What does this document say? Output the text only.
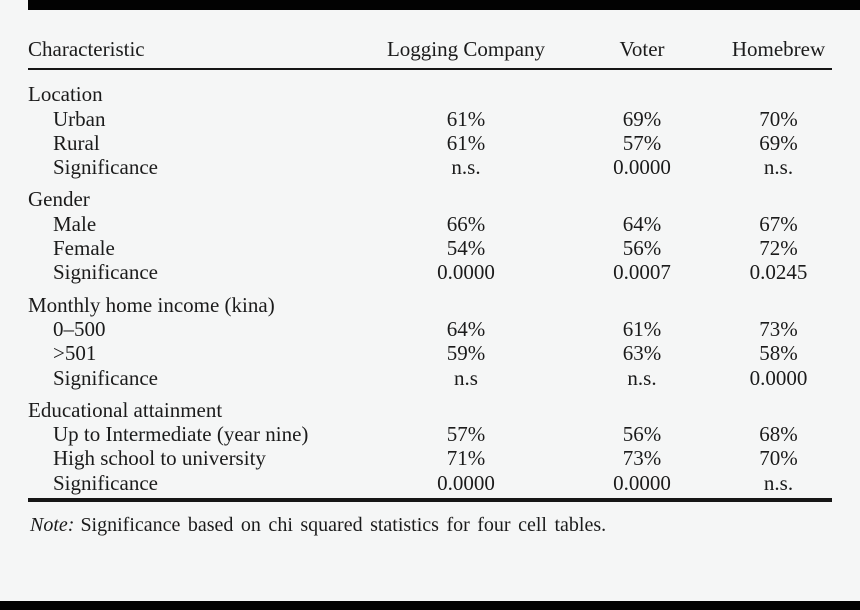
Characteristic	Logging Company	Voter	Homebrew
Location			
Urban	61%	69%	70%
Rural	61%	57%	69%
Significance	n.s.	0.0000	n.s.
Gender			
Male	66%	64%	67%
Female	54%	56%	72%
Significance	0.0000	0.0007	0.0245
Monthly home income (kina)			
0–500	64%	61%	73%
>501	59%	63%	58%
Significance	n.s	n.s.	0.0000
Educational attainment			
Up to Intermediate (year nine)	57%	56%	68%
High school to university	71%	73%	70%
Significance	0.0000	0.0000	n.s.

Note: Significance based on chi squared statistics for four cell tables.
